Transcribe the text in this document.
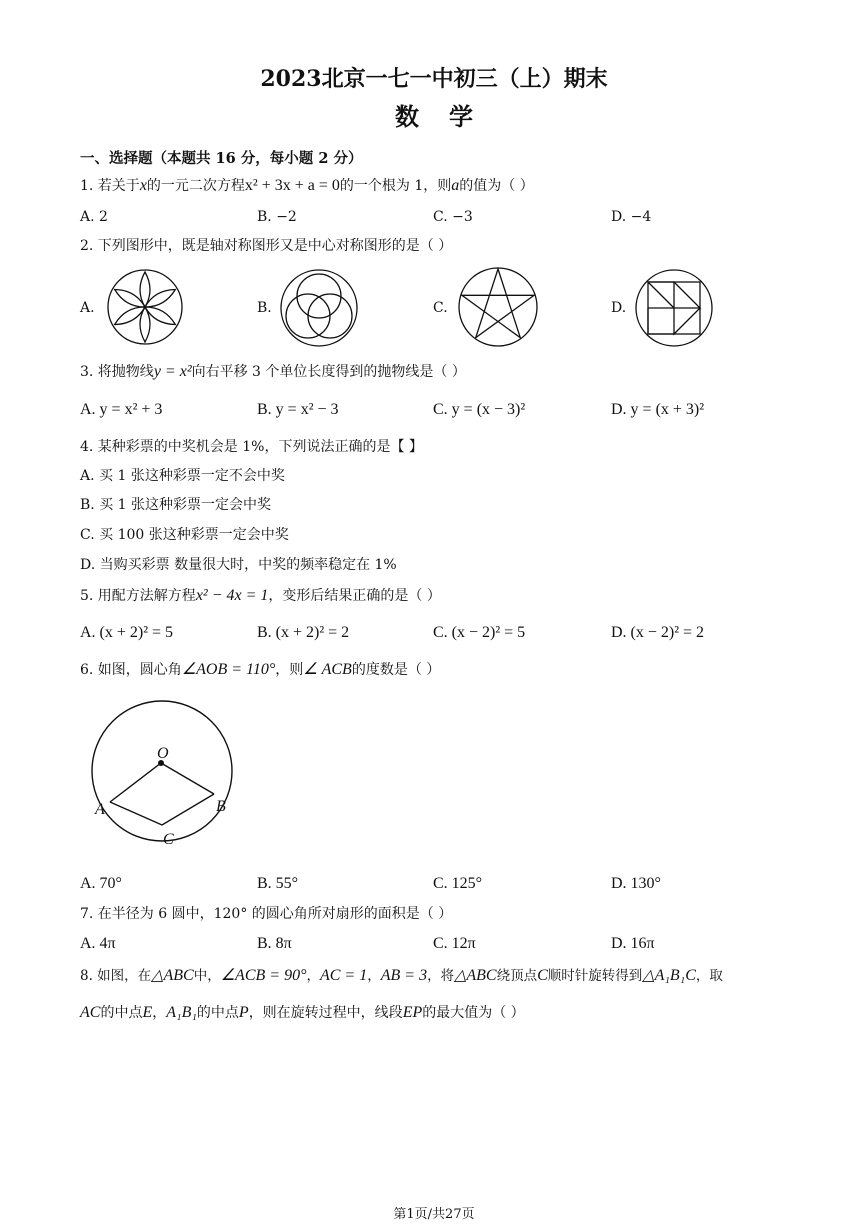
2023北京一七一中初三（上）期末
数学
一、选择题（本题共 16 分，每小题 2 分）
1. 若关于x的一元二次方程x² + 3x + a = 0的一个根为 1，则a的值为（ ）
A. 2	B. −2	C. −3	D. −4
2. 下列图形中，既是轴对称图形又是中心对称图形的是（ ）
A.	B.	C.	D.
3. 将抛物线y = x²向右平移 3 个单位长度得到的抛物线是（ ）
A. y = x² + 3	B. y = x² − 3	C. y = (x − 3)²	D. y = (x + 3)²
4. 某种彩票的中奖机会是 1%，下列说法正确的是【 】
A. 买 1 张这种彩票一定不会中奖
B. 买 1 张这种彩票一定会中奖
C. 买 100 张这种彩票一定会中奖
D. 当购买彩票 数量很大时，中奖的频率稳定在 1%
5. 用配方法解方程x² − 4x = 1，变形后结果正确的是（ ）
A. (x + 2)² = 5	B. (x + 2)² = 2	C. (x − 2)² = 5	D. (x − 2)² = 2
6. 如图，圆心角∠AOB = 110°，则∠ ACB的度数是（ ）
O
A	B
C
A. 70°	B. 55°	C. 125°	D. 130°
7. 在半径为 6 圆中，120° 的圆心角所对扇形的面积是（ ）
A. 4π	B. 8π	C. 12π	D. 16π
8. 如图，在△ABC中，∠ACB = 90°，AC = 1，AB = 3，将△ABC绕顶点C顺时针旋转得到△A₁B₁C，取
AC的中点E，A₁B₁的中点P，则在旋转过程中，线段EP的最大值为（ ）
第1页/共27页
